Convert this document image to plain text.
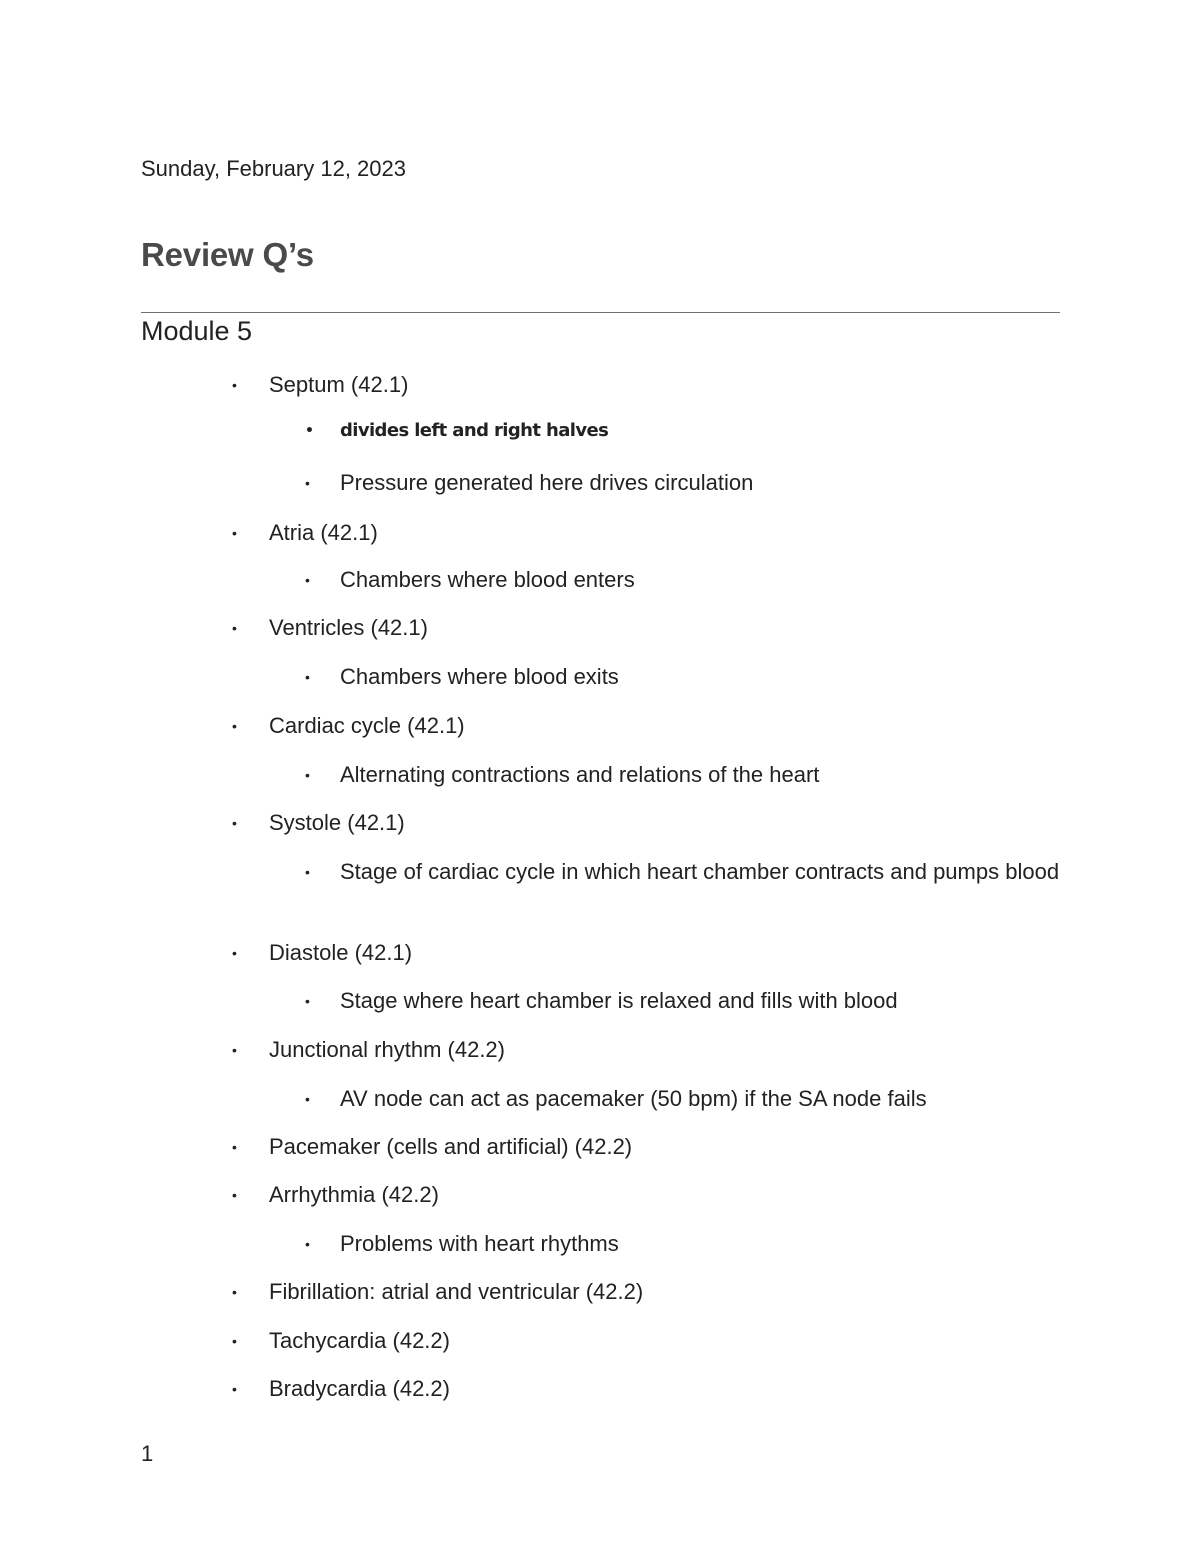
Sunday, February 12, 2023
Review Q’s
Module 5
• Septum (42.1)
• divides left and right halves
• Pressure generated here drives circulation
• Atria (42.1)
• Chambers where blood enters
• Ventricles (42.1)
• Chambers where blood exits
• Cardiac cycle (42.1)
• Alternating contractions and relations of the heart
• Systole (42.1)
• Stage of cardiac cycle in which heart chamber contracts and pumps blood
• Diastole (42.1)
• Stage where heart chamber is relaxed and fills with blood
• Junctional rhythm (42.2)
• AV node can act as pacemaker (50 bpm) if the SA node fails
• Pacemaker (cells and artificial) (42.2)
• Arrhythmia (42.2)
• Problems with heart rhythms
• Fibrillation: atrial and ventricular (42.2)
• Tachycardia (42.2)
• Bradycardia (42.2)
1
